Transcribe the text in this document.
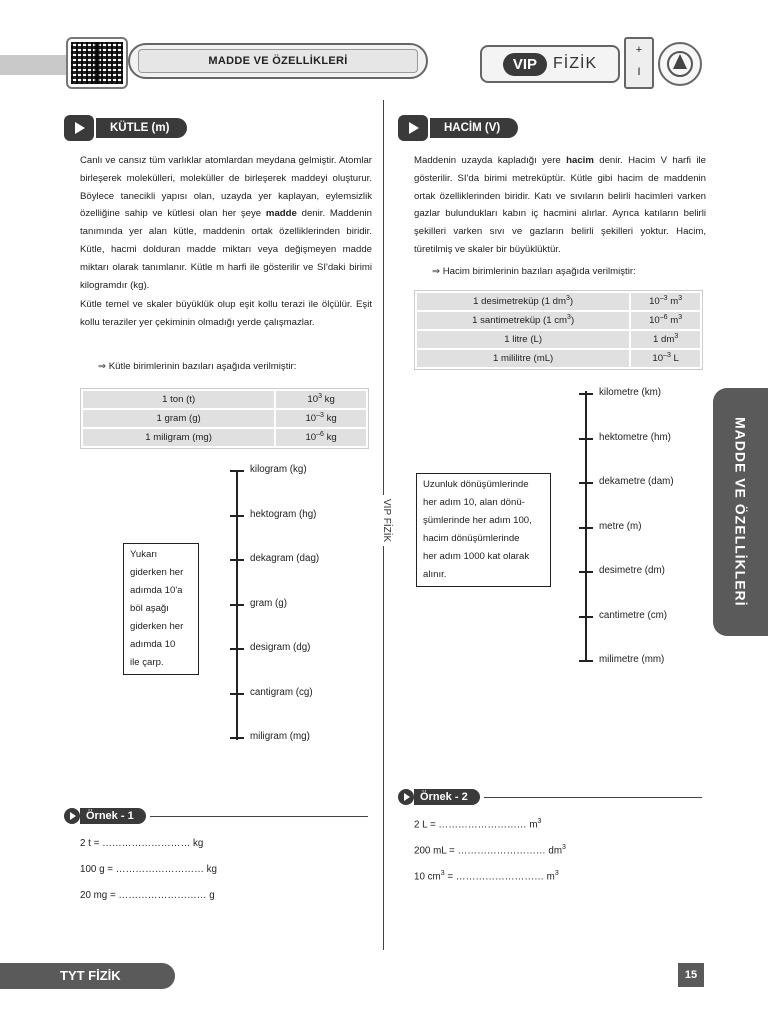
MADDE VE ÖZELLİKLERİ	VIP	FİZİK
+
I
VIP FİZİK
KÜTLE (m)

Canlı ve cansız tüm varlıklar atomlardan meydana gelmiştir. Atomlar birleşerek molekülleri, moleküller de birleşerek maddeyi oluşturur. Böylece tanecikli yapısı olan, uzayda yer kaplayan, eylemsizlik özelliğine sahip ve kütlesi olan her şeye madde denir. Maddenin tanımında yer alan kütle, maddenin ortak özelliklerinden biridir. Kütle, hacmi dolduran madde miktarı veya değişmeyen madde miktarı olarak tanımlanır. Kütle m harfi ile gösterilir ve SI'daki birimi kilogramdır (kg).

Kütle temel ve skaler büyüklük olup eşit kollu terazi ile ölçülür. Eşit kollu teraziler yer çekiminin olmadığı yerde çalışmazlar.

⇒ Kütle birimlerinin bazıları aşağıda verilmiştir:
1 ton (t)	$10^3$ kg
1 gram (g)	$10^{-3}$ kg
1 miligram (mg)	$10^{-6}$ kg
kilogram (kg)
hektogram (hg)
dekagram (dag)
gram (g)
desigram (dg)
cantigram (cg)
miligram (mg)
Yukarı
giderken her
adımda 10'a
böl aşağı
giderken her
adımda 10
ile çarp.
Örnek - 1
2 t = ……………………… kg
100 g = ……………………… kg
20 mg = ……………………… g
HACİM (V)

Maddenin uzayda kapladığı yere hacim denir. Hacim V harfi ile gösterilir. SI'da birimi metreküptür. Kütle gibi hacim de maddenin ortak özelliklerinden biridir. Katı ve sıvıların belirli hacimleri varken gazlar bulundukları kabın iç hacmini alırlar. Ayrıca katıların belirli şekilleri varken sıvı ve gazların belirli şekilleri yoktur. Hacim, türetilmiş ve skaler bir büyüklüktür.

⇒ Hacim birimlerinin bazıları aşağıda verilmiştir:
1 desimetreküp (1 $dm^3$)	$10^{-3}$ $m^3$
1 santimetreküp (1 $cm^3$)	$10^{-6}$ $m^3$
1 litre (L)	1 $dm^3$
1 mililitre (mL)	$10^{-3}$ L
kilometre (km)
hektometre (hm)
dekametre (dam)
metre (m)
desimetre (dm)
cantimetre (cm)
milimetre (mm)
Uzunluk dönüşümlerinde
her adım 10, alan dönü-
şümlerinde her adım 100,
hacim dönüşümlerinde
her adım 1000 kat olarak
alınır.
Örnek - 2
2 L = ……………………… $m^3$
200 mL = ……………………… $dm^3$
10 $cm^3$ = ……………………… $m^3$
MADDE VE ÖZELLİKLERİ
TYT FİZİK	15
